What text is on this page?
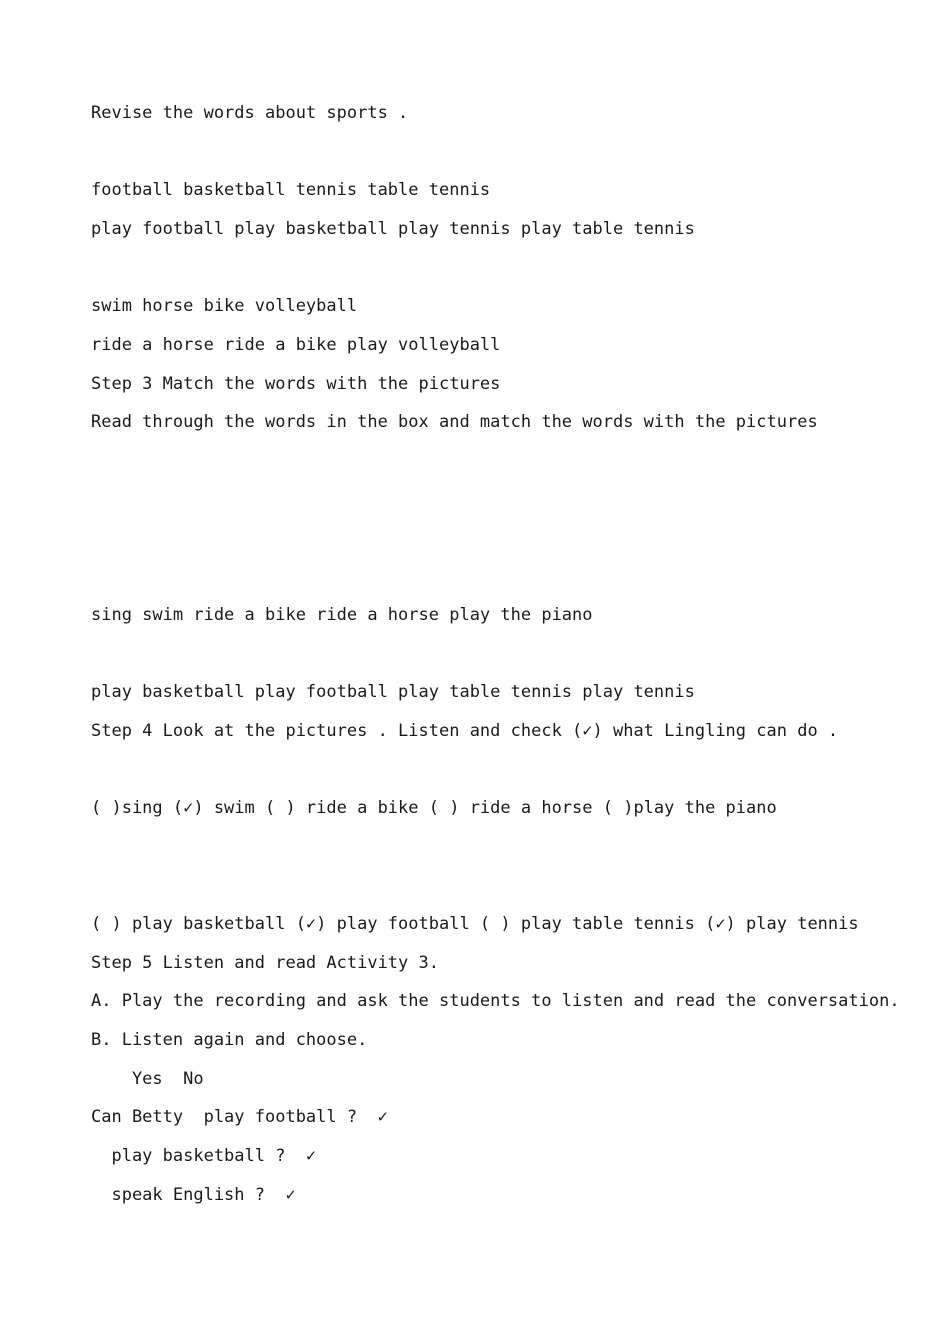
Revise the words about sports .
football basketball tennis table tennis
play football play basketball play tennis play table tennis
swim horse bike volleyball
ride a horse ride a bike play volleyball
Step 3 Match the words with the pictures
Read through the words in the box and match the words with the pictures
sing swim ride a bike ride a horse play the piano
play basketball play football play table tennis play tennis
Step 4 Look at the pictures . Listen and check (✓) what Lingling can do .
( )sing (✓) swim ( ) ride a bike ( ) ride a horse ( )play the piano
( ) play basketball (✓) play football ( ) play table tennis (✓) play tennis
Step 5 Listen and read Activity 3.
A. Play the recording and ask the students to listen and read the conversation.
B. Listen again and choose.
Yes  No
Can Betty  play football ?  ✓
play basketball ?  ✓
speak English ?  ✓
